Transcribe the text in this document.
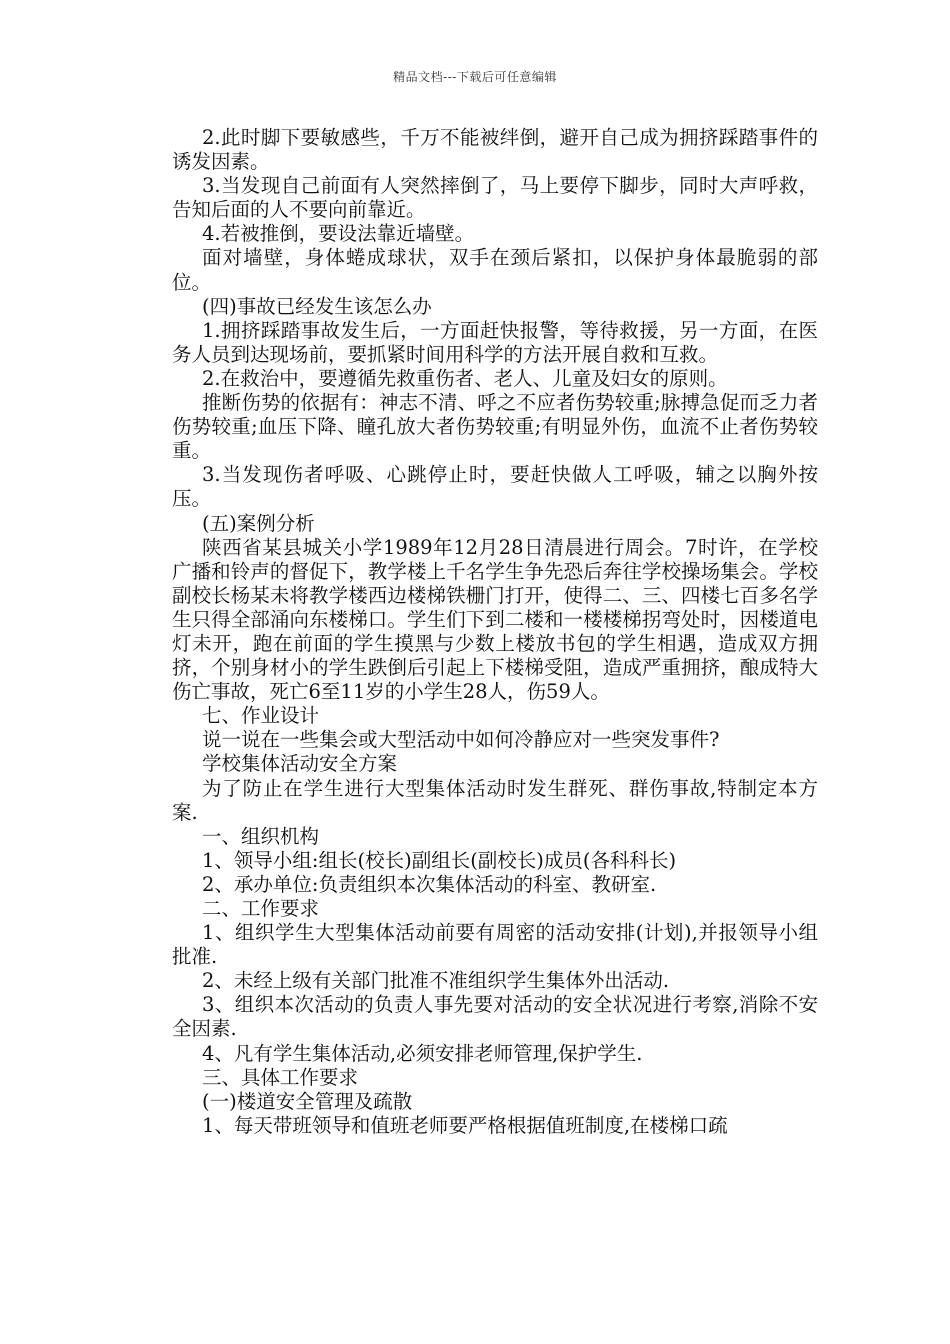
精品文档---下载后可任意编辑

2.此时脚下要敏感些，千万不能被绊倒，避开自己成为拥挤踩踏事件的诱发因素。

3.当发现自己前面有人突然摔倒了，马上要停下脚步，同时大声呼救，告知后面的人不要向前靠近。

4.若被推倒，要设法靠近墙壁。

面对墙壁，身体蜷成球状，双手在颈后紧扣，以保护身体最脆弱的部位。

(四)事故已经发生该怎么办

1.拥挤踩踏事故发生后，一方面赶快报警，等待救援，另一方面，在医务人员到达现场前，要抓紧时间用科学的方法开展自救和互救。

2.在救治中，要遵循先救重伤者、老人、儿童及妇女的原则。

推断伤势的依据有：神志不清、呼之不应者伤势较重;脉搏急促而乏力者伤势较重;血压下降、瞳孔放大者伤势较重;有明显外伤，血流不止者伤势较重。

3.当发现伤者呼吸、心跳停止时，要赶快做人工呼吸，辅之以胸外按压。

(五)案例分析

陕西省某县城关小学1989年12月28日清晨进行周会。7时许，在学校广播和铃声的督促下，教学楼上千名学生争先恐后奔往学校操场集会。学校副校长杨某未将教学楼西边楼梯铁栅门打开，使得二、三、四楼七百多名学生只得全部涌向东楼梯口。学生们下到二楼和一楼楼梯拐弯处时，因楼道电灯未开，跑在前面的学生摸黑与少数上楼放书包的学生相遇，造成双方拥挤，个别身材小的学生跌倒后引起上下楼梯受阻，造成严重拥挤，酿成特大伤亡事故，死亡6至11岁的小学生28人，伤59人。

七、作业设计

说一说在一些集会或大型活动中如何冷静应对一些突发事件?

学校集体活动安全方案

为了防止在学生进行大型集体活动时发生群死、群伤事故,特制定本方案.

一、组织机构

1、领导小组:组长(校长)副组长(副校长)成员(各科科长)

2、承办单位:负责组织本次集体活动的科室、教研室.

二、工作要求

1、组织学生大型集体活动前要有周密的活动安排(计划),并报领导小组批准.

2、未经上级有关部门批准不准组织学生集体外出活动.

3、组织本次活动的负责人事先要对活动的安全状况进行考察,消除不安全因素.

4、凡有学生集体活动,必须安排老师管理,保护学生.

三、具体工作要求

(一)楼道安全管理及疏散

1、每天带班领导和值班老师要严格根据值班制度,在楼梯口疏
